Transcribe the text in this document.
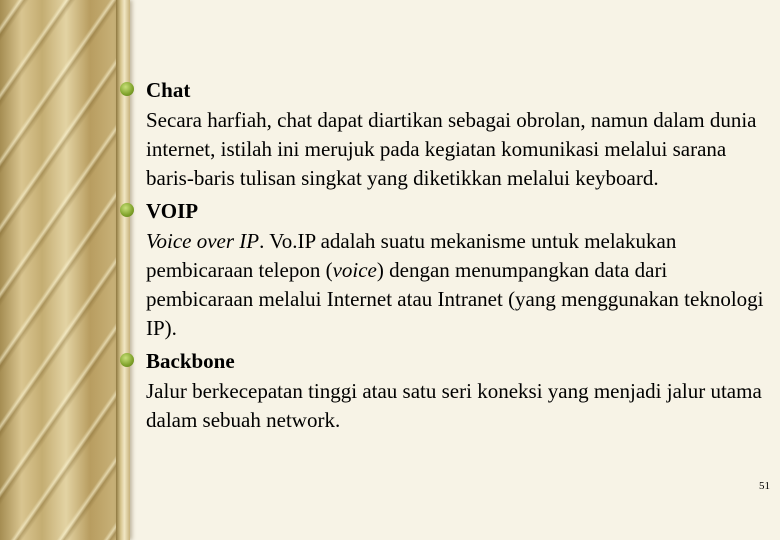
Chat

Secara harfiah, chat dapat diartikan sebagai obrolan, namun dalam dunia internet, istilah ini merujuk pada kegiatan komunikasi melalui sarana baris-baris tulisan singkat yang diketikkan melalui keyboard.

VOIP

Voice over IP. Vo.IP adalah suatu mekanisme untuk melakukan pembicaraan telepon (voice) dengan menumpangkan data dari pembicaraan melalui Internet atau Intranet (yang menggunakan teknologi IP).

Backbone

Jalur berkecepatan tinggi atau satu seri koneksi yang menjadi jalur utama dalam sebuah network.

51
